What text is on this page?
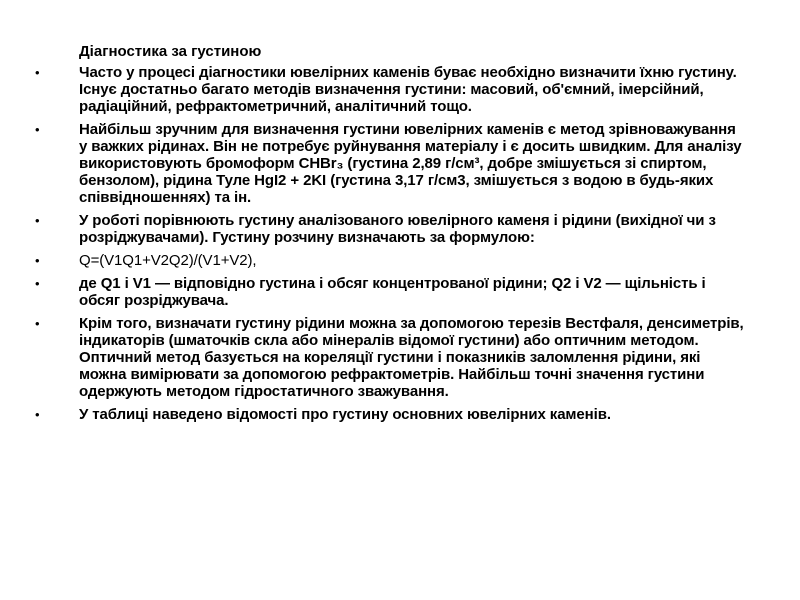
Діагностика за густиною
•	Часто у процесі діагностики ювелірних каменів буває необхідно визначити їхню густину. Існує достатньо багато методів визначення густини: масовий, об'ємний, імерсійний, радіаційний, рефрактометричний, аналітичний тощо.
•	Найбільш зручним для визначення густини ювелірних каменів є метод зрівноважування у важких рідинах. Він не потребує руйнування матеріалу і є досить швидким. Для аналізу використовують бромоформ CHBr₃ (густина 2,89 г/см³, добре змішується зі спиртом, бензолом), рідина Туле HgI2 + 2KI (густина 3,17 г/см3, змішується з водою в будь-яких співвідношеннях) та ін.
•	У роботі порівнюють густину аналізованого ювелірного каменя і рідини (вихідної чи з розріджувачами). Густину розчину визначають за формулою:
•	Q=(V1Q1+V2Q2)/(V1+V2),
•	де Q1 і V1 — відповідно густина і обсяг концентрованої рідини; Q2 і V2 — щільність і обсяг розріджувача.
•	Крім того, визначати густину рідини можна за допомогою терезів Вестфаля, денсиметрів, індикаторів (шматочків скла або мінералів відомої густини) або оптичним методом. Оптичний метод базується на кореляції густини і показників заломлення рідини, які можна вимірювати за допомогою рефрактометрів. Найбільш точні значення густини одержують методом гідростатичного зважування.
•	У таблиці наведено відомості про густину основних ювелірних каменів.
